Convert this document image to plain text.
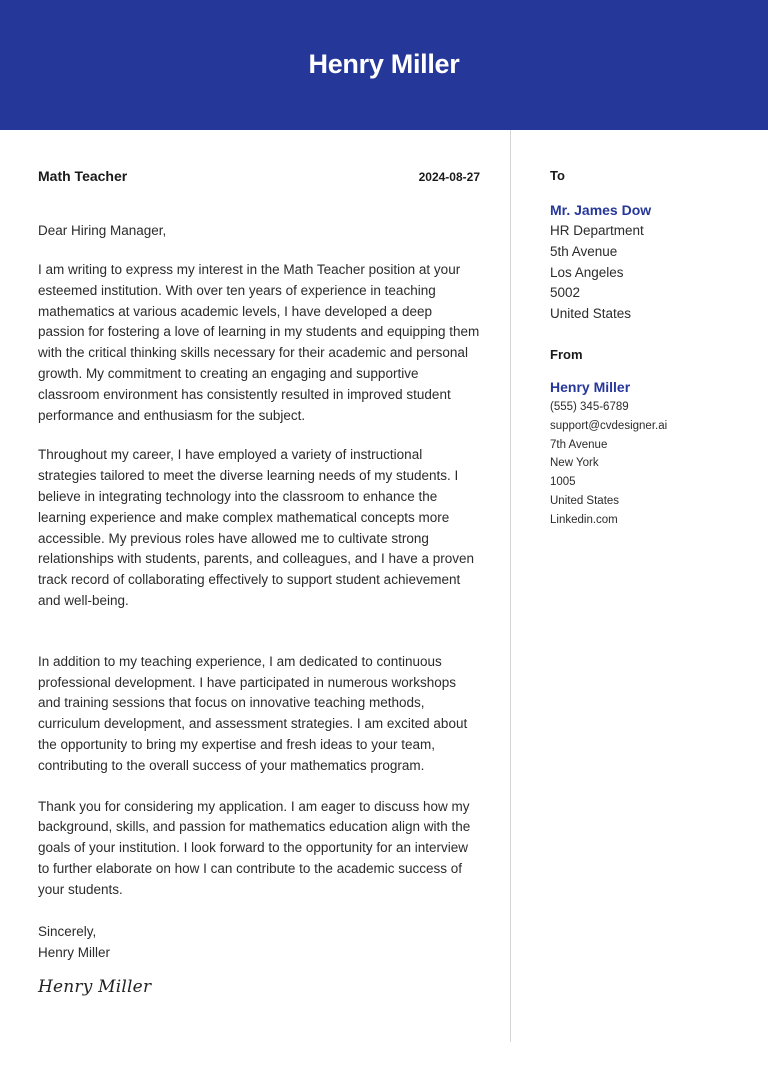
Henry Miller
Math Teacher	2024-08-27

Dear Hiring Manager,

I am writing to express my interest in the Math Teacher position at your esteemed institution. With over ten years of experience in teaching mathematics at various academic levels, I have developed a deep passion for fostering a love of learning in my students and equipping them with the critical thinking skills necessary for their academic and personal growth. My commitment to creating an engaging and supportive classroom environment has consistently resulted in improved student performance and enthusiasm for the subject.

Throughout my career, I have employed a variety of instructional strategies tailored to meet the diverse learning needs of my students. I believe in integrating technology into the classroom to enhance the learning experience and make complex mathematical concepts more accessible. My previous roles have allowed me to cultivate strong relationships with students, parents, and colleagues, and I have a proven track record of collaborating effectively to support student achievement and well-being.

In addition to my teaching experience, I am dedicated to continuous professional development. I have participated in numerous workshops and training sessions that focus on innovative teaching methods, curriculum development, and assessment strategies. I am excited about the opportunity to bring my expertise and fresh ideas to your team, contributing to the overall success of your mathematics program.

Thank you for considering my application. I am eager to discuss how my background, skills, and passion for mathematics education align with the goals of your institution. I look forward to the opportunity for an interview to further elaborate on how I can contribute to the academic success of your students.

Sincerely,
Henry Miller
Henry Miller
To
Mr. James Dow
HR Department
5th Avenue
Los Angeles
5002
United States
From
Henry Miller
(555) 345-6789
support@cvdesigner.ai
7th Avenue
New York
1005
United States
Linkedin.com
